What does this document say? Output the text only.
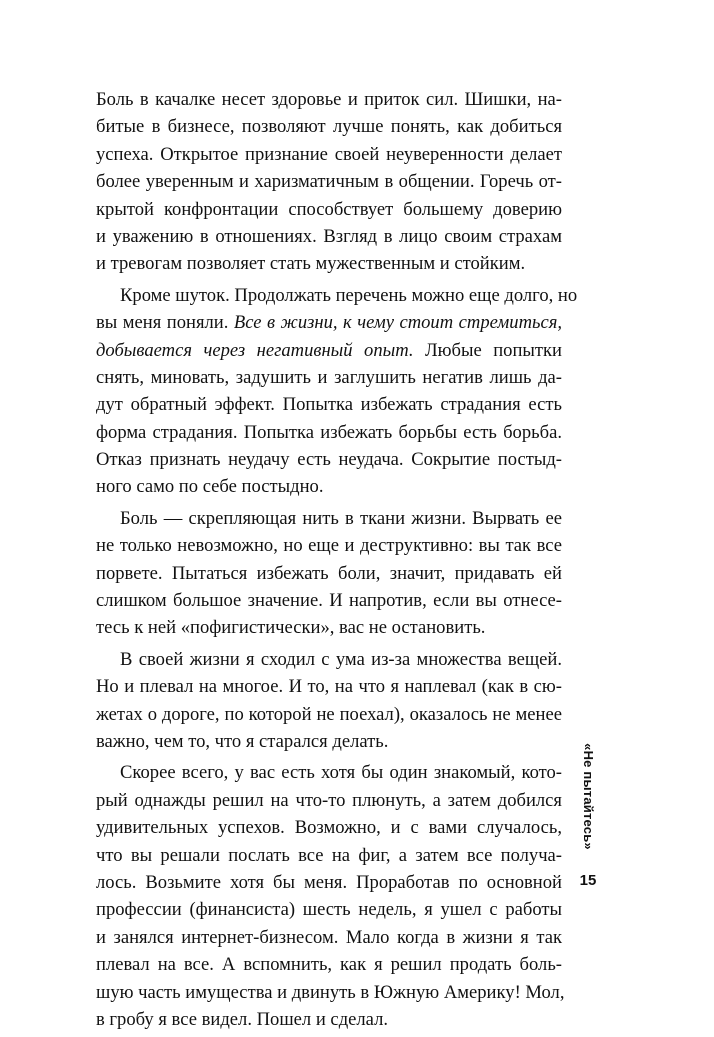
Боль в качалке несет здоровье и приток сил. Шишки, на-
битые в бизнесе, позволяют лучше понять, как добиться
успеха. Открытое признание своей неуверенности делает
более уверенным и харизматичным в общении. Горечь от-
крытой конфронтации способствует большему доверию
и уважению в отношениях. Взгляд в лицо своим страхам
и тревогам позволяет стать мужественным и стойким.
Кроме шуток. Продолжать перечень можно еще долго, но
вы меня поняли. Все в жизни, к чему стоит стремиться,
добывается через негативный опыт. Любые попытки
снять, миновать, задушить и заглушить негатив лишь да-
дут обратный эффект. Попытка избежать страдания есть
форма страдания. Попытка избежать борьбы есть борьба.
Отказ признать неудачу есть неудача. Сокрытие постыд-
ного само по себе постыдно.
Боль — скрепляющая нить в ткани жизни. Вырвать ее
не только невозможно, но еще и деструктивно: вы так все
порвете. Пытаться избежать боли, значит, придавать ей
слишком большое значение. И напротив, если вы отнесе-
тесь к ней «пофигистически», вас не остановить.
В своей жизни я сходил с ума из-за множества вещей.
Но и плевал на многое. И то, на что я наплевал (как в сю-
жетах о дороге, по которой не поехал), оказалось не менее
важно, чем то, что я старался делать.
Скорее всего, у вас есть хотя бы один знакомый, кото-
рый однажды решил на что-то плюнуть, а затем добился
удивительных успехов. Возможно, и с вами случалось,
что вы решали послать все на фиг, а затем все получа-
лось. Возьмите хотя бы меня. Проработав по основной
профессии (финансиста) шесть недель, я ушел с работы
и занялся интернет-бизнесом. Мало когда в жизни я так
плевал на все. А вспомнить, как я решил продать боль-
шую часть имущества и двинуть в Южную Америку! Мол,
в гробу я все видел. Пошел и сделал.
«Не пытайтесь»
15
